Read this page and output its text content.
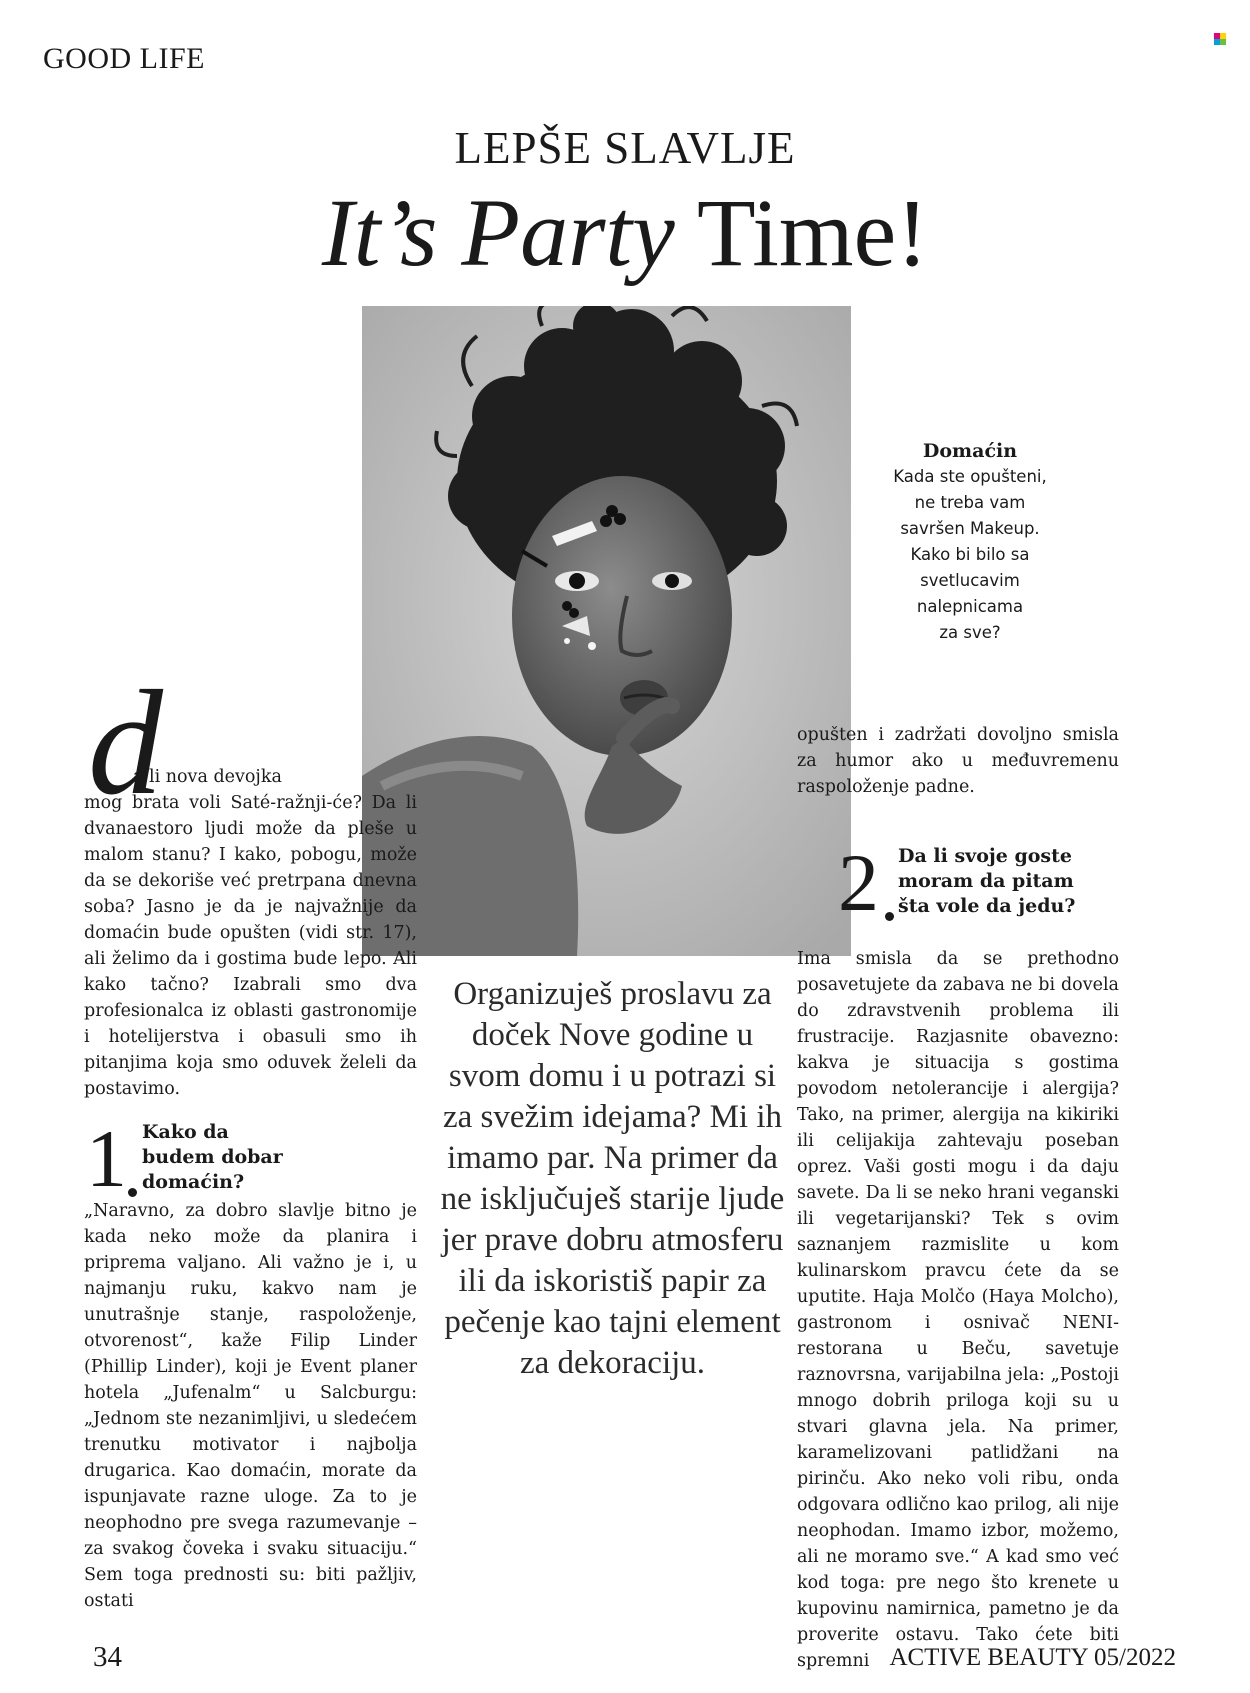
GOOD LIFE
LEPŠE SLAVLJE
It’s Party Time!
Domaćin
Kada ste opušteni,
ne treba vam
savršen Makeup.
Kako bi bilo sa
svetlucavim
nalepnicama
za sve?
d
a li nova devojka

mog brata voli Saté-ražnji-će? Da li dvanaestoro ljudi može da pleše u malom stanu? I kako, pobogu, može da se dekoriše već pretrpana dnevna soba? Jasno je da je najvažnije da domaćin bude opušten (vidi str. 17), ali želimo da i gostima bude lepo. Ali kako tačno? Izabrali smo dva profesionalca iz oblasti gastronomije i hotelijerstva i obasuli smo ih pitanjima koja smo oduvek želeli da postavimo.

1 Kako da budem dobar domaćin?

„Naravno, za dobro slavlje bitno je kada neko može da planira i priprema valjano. Ali važno je i, u najmanju ruku, kakvo nam je unutrašnje stanje, raspoloženje, otvorenost“, kaže Filip Linder (Phillip Linder), koji je Event planer hotela „Jufenalm“ u Salcburgu: „Jednom ste nezanimljivi, u sledećem trenutku motivator i najbolja drugarica. Kao domaćin, morate da ispunjavate razne uloge. Za to je neophodno pre svega razumevanje – za svakog čoveka i svaku situaciju.“ Sem toga prednosti su: biti pažljiv, ostati

Organizuješ proslavu za doček Nove godine u svom domu i u potrazi si za svežim idejama? Mi ih imamo par. Na primer da ne isključuješ starije ljude jer prave dobru atmosferu ili da iskoristiš papir za pečenje kao tajni element za dekoraciju.

opušten i zadržati dovoljno smisla za humor ako u međuvremenu raspoloženje padne.

2 Da li svoje goste moram da pitam šta vole da jedu?

Ima smisla da se prethodno posavetujete da zabava ne bi dovela do zdravstvenih problema ili frustracije. Razjasnite obavezno: kakva je situacija s gostima povodom netolerancije i alergija? Tako, na primer, alergija na kikiriki ili celijakija zahtevaju poseban oprez. Vaši gosti mogu i da daju savete. Da li se neko hrani veganski ili vegetarijanski? Tek s ovim saznanjem razmislite u kom kulinarskom pravcu ćete da se uputite. Haja Molčo (Haya Molcho), gastronom i osnivač NENI-restorana u Beču, savetuje raznovrsna, varijabilna jela: „Postoji mnogo dobrih priloga koji su u stvari glavna jela. Na primer, karamelizovani patlidžani na pirinču. Ako neko voli ribu, onda odgovara odlično kao prilog, ali nije neophodan. Imamo izbor, možemo, ali ne moramo sve.“ A kad smo već kod toga: pre nego što krenete u kupovinu namirnica, pametno je da proverite ostavu. Tako ćete biti spremni

34	ACTIVE BEAUTY 05/2022
